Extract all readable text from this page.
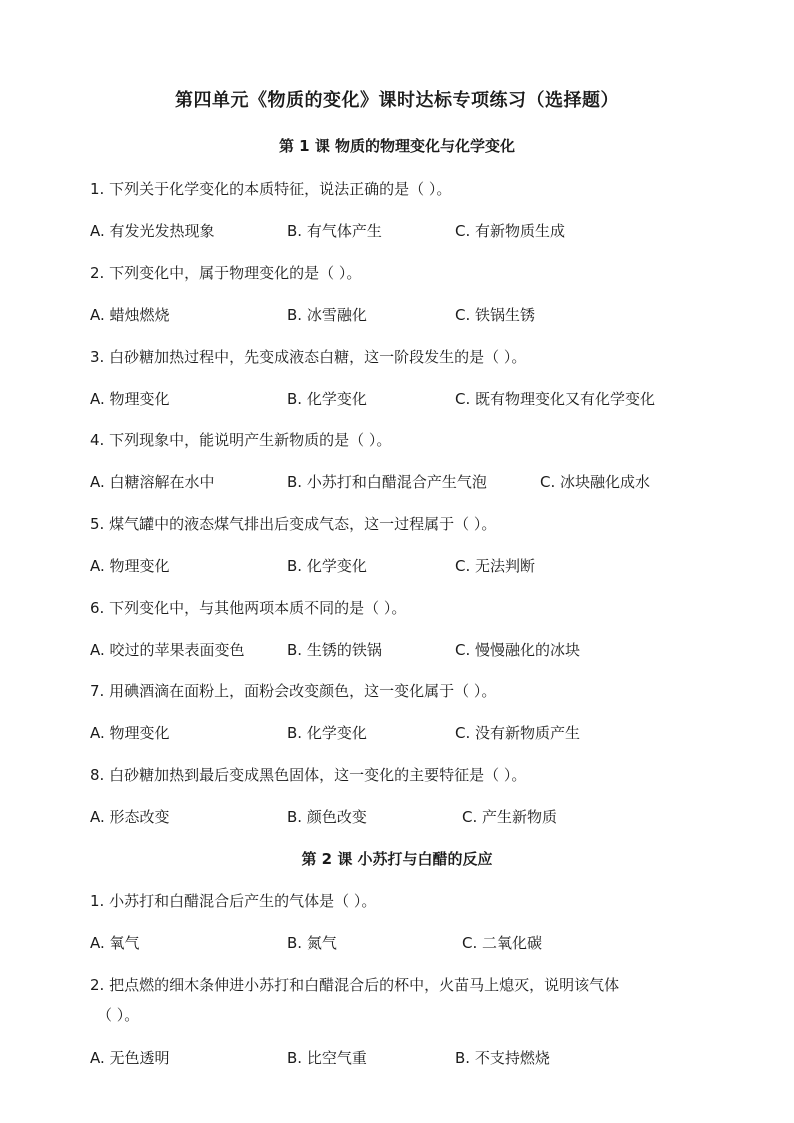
第四单元《物质的变化》课时达标专项练习（选择题）
第 1 课 物质的物理变化与化学变化
1. 下列关于化学变化的本质特征，说法正确的是（ ）。
A. 有发光发热现象	B. 有气体产生	C. 有新物质生成
2. 下列变化中，属于物理变化的是（ ）。
A. 蜡烛燃烧	B. 冰雪融化	C. 铁锅生锈
3. 白砂糖加热过程中，先变成液态白糖，这一阶段发生的是（ ）。
A. 物理变化	B. 化学变化	C. 既有物理变化又有化学变化
4. 下列现象中，能说明产生新物质的是（ ）。
A. 白糖溶解在水中	B. 小苏打和白醋混合产生气泡	C. 冰块融化成水
5. 煤气罐中的液态煤气排出后变成气态，这一过程属于（ ）。
A. 物理变化	B. 化学变化	C. 无法判断
6. 下列变化中，与其他两项本质不同的是（ ）。
A. 咬过的苹果表面变色	B. 生锈的铁锅	C. 慢慢融化的冰块
7. 用碘酒滴在面粉上，面粉会改变颜色，这一变化属于（ ）。
A. 物理变化	B. 化学变化	C. 没有新物质产生
8. 白砂糖加热到最后变成黑色固体，这一变化的主要特征是（ ）。
A. 形态改变	B. 颜色改变	C. 产生新物质
第 2 课 小苏打与白醋的反应
1. 小苏打和白醋混合后产生的气体是（ ）。
A. 氧气	B. 氮气	C. 二氧化碳
2. 把点燃的细木条伸进小苏打和白醋混合后的杯中，火苗马上熄灭，说明该气体
（ ）。
A. 无色透明	B. 比空气重	B. 不支持燃烧
